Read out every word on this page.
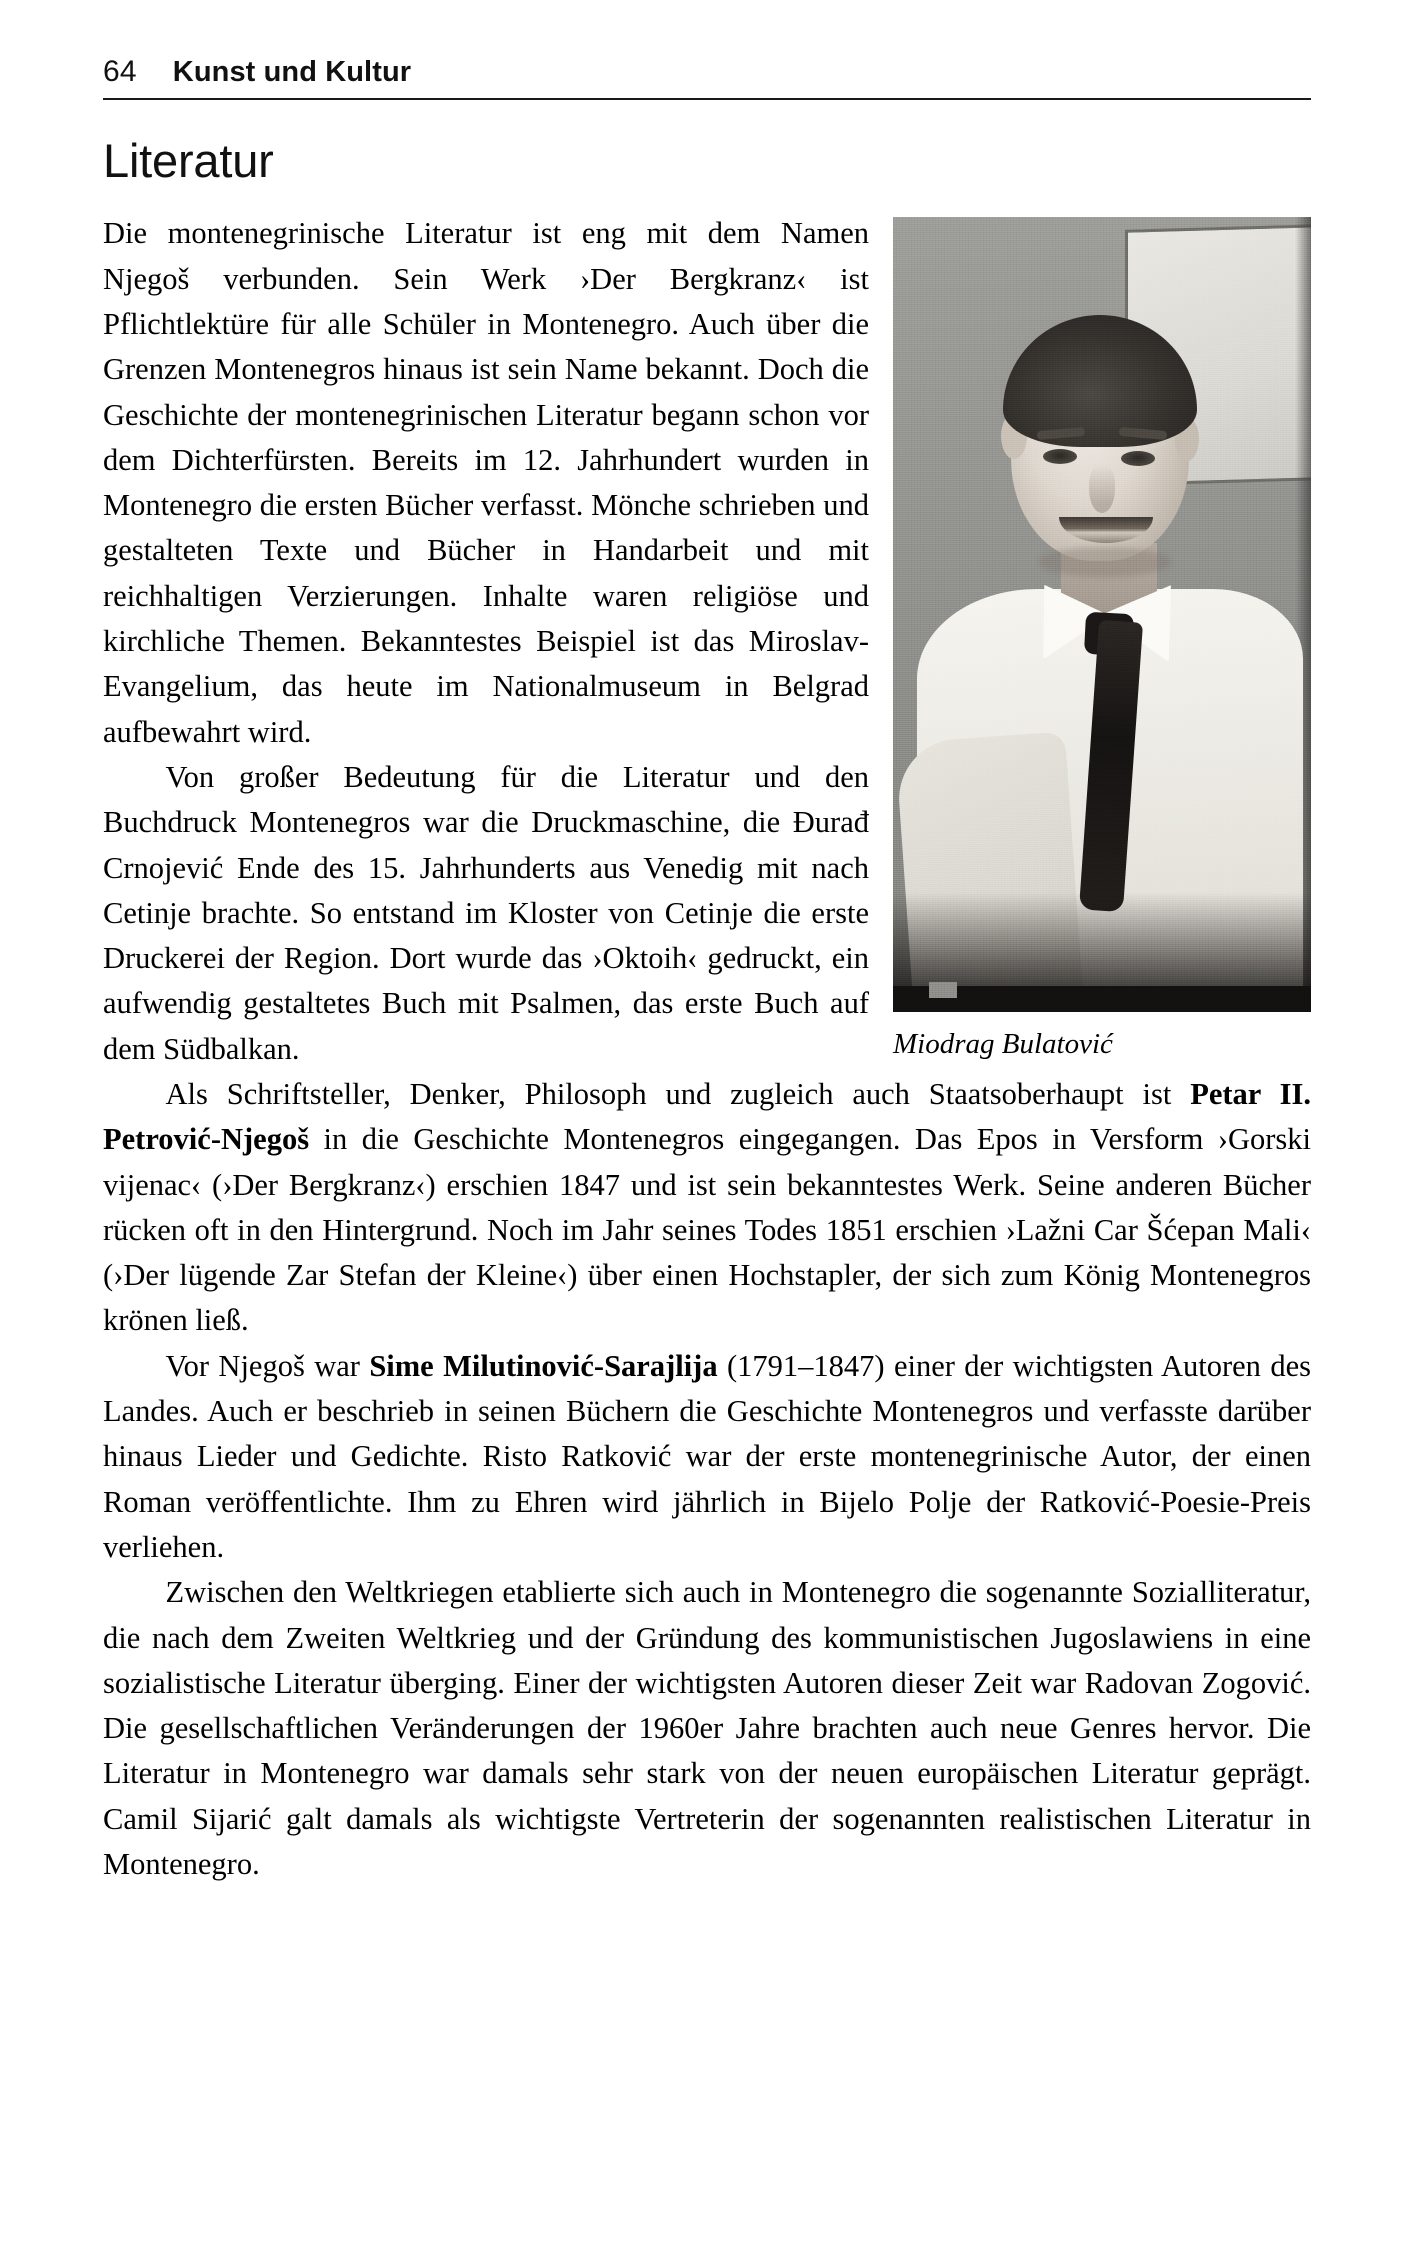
64 Kunst und Kultur
Literatur
Miodrag Bulatović

Die montenegrinische Literatur ist eng mit dem Namen Njegoš verbunden. Sein Werk ›Der Bergkranz‹ ist Pflichtlektüre für alle Schüler in Montenegro. Auch über die Grenzen Montenegros hinaus ist sein Name bekannt. Doch die Geschichte der montenegrinischen Literatur begann schon vor dem Dichterfürsten. Bereits im 12. Jahrhundert wurden in Montenegro die ersten Bücher verfasst. Mönche schrieben und gestalteten Texte und Bücher in Handarbeit und mit reichhaltigen Verzierungen. Inhalte waren religiöse und kirchliche Themen. Bekanntestes Beispiel ist das Miroslav-Evangelium, das heute im Nationalmuseum in Belgrad aufbewahrt wird.

Von großer Bedeutung für die Literatur und den Buchdruck Montenegros war die Druckmaschine, die Đurađ Crnojević Ende des 15. Jahrhunderts aus Venedig mit nach Cetinje brachte. So entstand im Kloster von Cetinje die erste Druckerei der Region. Dort wurde das ›Oktoih‹ gedruckt, ein aufwendig gestaltetes Buch mit Psalmen, das erste Buch auf dem Südbalkan.

Als Schriftsteller, Denker, Philosoph und zugleich auch Staatsoberhaupt ist Petar II. Petrović-Njegoš in die Geschichte Montenegros eingegangen. Das Epos in Versform ›Gorski vijenac‹ (›Der Bergkranz‹) erschien 1847 und ist sein bekanntestes Werk. Seine anderen Bücher rücken oft in den Hintergrund. Noch im Jahr seines Todes 1851 erschien ›Lažni Car Šćepan Mali‹ (›Der lügende Zar Stefan der Kleine‹) über einen Hochstapler, der sich zum König Montenegros krönen ließ.

Vor Njegoš war Sime Milutinović-Sarajlija (1791–1847) einer der wichtigsten Autoren des Landes. Auch er beschrieb in seinen Büchern die Geschichte Montenegros und verfasste darüber hinaus Lieder und Gedichte. Risto Ratković war der erste montenegrinische Autor, der einen Roman veröffentlichte. Ihm zu Ehren wird jährlich in Bijelo Polje der Ratković-Poesie-Preis verliehen.

Zwischen den Weltkriegen etablierte sich auch in Montenegro die sogenannte Sozialliteratur, die nach dem Zweiten Weltkrieg und der Gründung des kommunistischen Jugoslawiens in eine sozialistische Literatur überging. Einer der wichtigsten Autoren dieser Zeit war Radovan Zogović. Die gesellschaftlichen Veränderungen der 1960er Jahre brachten auch neue Genres hervor. Die Literatur in Montenegro war damals sehr stark von der neuen europäischen Literatur geprägt. Camil Sijarić galt damals als wichtigste Vertreterin der sogenannten realistischen Literatur in Montenegro.
